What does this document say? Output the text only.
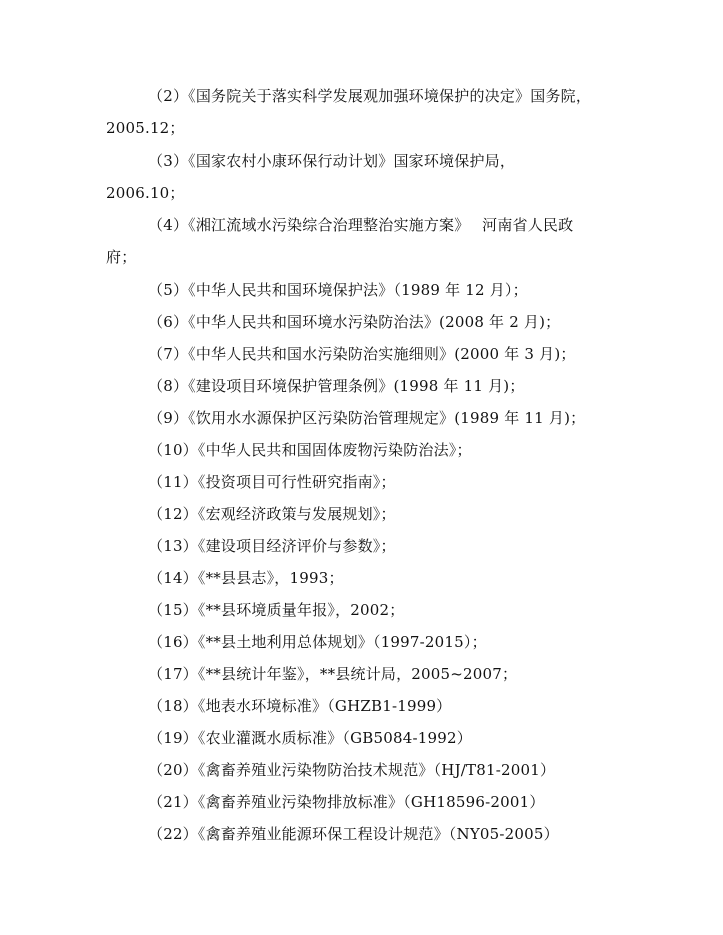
（2）《国务院关于落实科学发展观加强环境保护的决定》国务院，
2005.12；
（3）《国家农村小康环保行动计划》国家环境保护局，
2006.10；
（4）《湘江流域水污染综合治理整治实施方案》　 河南省人民政
府；
（5）《中华人民共和国环境保护法》（1989 年 12 月）；
（6）《中华人民共和国环境水污染防治法》(2008 年 2 月)；
（7）《中华人民共和国水污染防治实施细则》(2000 年 3 月)；
（8）《建设项目环境保护管理条例》(1998 年 11 月)；
（9）《饮用水水源保护区污染防治管理规定》(1989 年 11 月)；
（10）《中华人民共和国固体废物污染防治法》；
（11）《投资项目可行性研究指南》；
（12）《宏观经济政策与发展规划》；
（13）《建设项目经济评价与参数》；
（14）《**县县志》，1993；
（15）《**县环境质量年报》，2002；
（16）《**县土地利用总体规划》（1997-2015）；
（17）《**县统计年鉴》，**县统计局，2005~2007；
（18）《地表水环境标准》（GHZB1-1999）
（19）《农业灌溉水质标准》（GB5084-1992）
（20）《禽畜养殖业污染物防治技术规范》（HJ/T81-2001）
（21）《禽畜养殖业污染物排放标准》（GH18596-2001）
（22）《禽畜养殖业能源环保工程设计规范》（NY05-2005）
